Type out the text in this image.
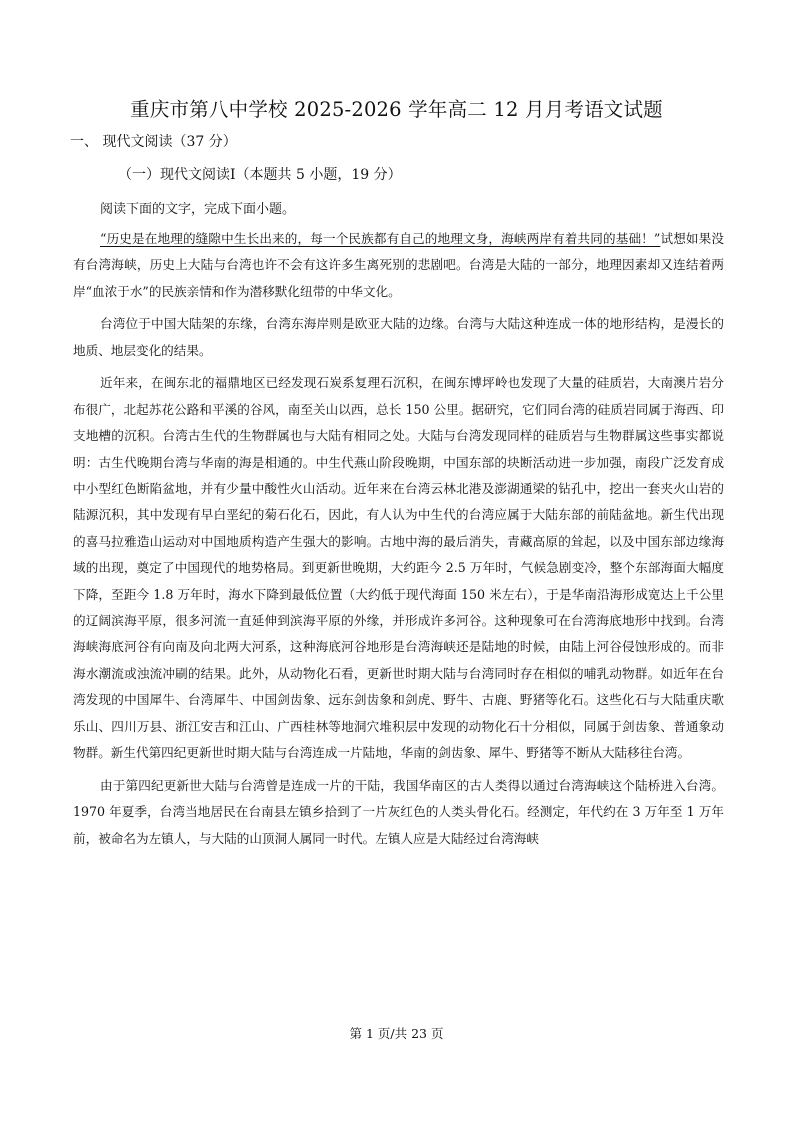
重庆市第八中学校 2025-2026 学年高二 12 月月考语文试题
一、 现代文阅读（37 分）
（一）现代文阅读Ⅰ（本题共 5 小题，19 分）
阅读下面的文字，完成下面小题。

“历史是在地理的缝隙中生长出来的，每一个民族都有自己的地理文身，海峡两岸有着共同的基础！”试想如果没有台湾海峡，历史上大陆与台湾也许不会有这许多生离死别的悲剧吧。台湾是大陆的一部分，地理因素却又连结着两岸“血浓于水”的民族亲情和作为潜移默化纽带的中华文化。

台湾位于中国大陆架的东缘，台湾东海岸则是欧亚大陆的边缘。台湾与大陆这种连成一体的地形结构，是漫长的地质、地层变化的结果。

近年来，在闽东北的福鼎地区已经发现石炭系复理石沉积，在闽东博坪岭也发现了大量的硅质岩，大南澳片岩分布很广，北起苏花公路和平溪的谷风，南至关山以西，总长 150 公里。据研究，它们同台湾的硅质岩同属于海西、印支地槽的沉积。台湾古生代的生物群属也与大陆有相同之处。大陆与台湾发现同样的硅质岩与生物群属这些事实都说明：古生代晚期台湾与华南的海是相通的。中生代燕山阶段晚期，中国东部的块断活动进一步加强，南段广泛发育成中小型红色断陷盆地，并有少量中酸性火山活动。近年来在台湾云林北港及澎湖通梁的钻孔中，挖出一套夹火山岩的陆源沉积，其中发现有早白垩纪的菊石化石，因此，有人认为中生代的台湾应属于大陆东部的前陆盆地。新生代出现的喜马拉雅造山运动对中国地质构造产生强大的影响。古地中海的最后消失，青藏高原的耸起，以及中国东部边缘海域的出现，奠定了中国现代的地势格局。到更新世晚期，大约距今 2.5 万年时，气候急剧变冷，整个东部海面大幅度下降，至距今 1.8 万年时，海水下降到最低位置（大约低于现代海面 150 米左右），于是华南沿海形成宽达上千公里的辽阔滨海平原，很多河流一直延伸到滨海平原的外缘，并形成许多河谷。这种现象可在台湾海底地形中找到。台湾海峡海底河谷有向南及向北两大河系，这种海底河谷地形是台湾海峡还是陆地的时候，由陆上河谷侵蚀形成的。而非海水潮流或浊流冲刷的结果。此外，从动物化石看，更新世时期大陆与台湾同时存在相似的哺乳动物群。如近年在台湾发现的中国犀牛、台湾犀牛、中国剑齿象、远东剑齿象和剑虎、野牛、古鹿、野猪等化石。这些化石与大陆重庆歌乐山、四川万县、浙江安吉和江山、广西桂林等地洞穴堆积层中发现的动物化石十分相似，同属于剑齿象、普通象动物群。新生代第四纪更新世时期大陆与台湾连成一片陆地，华南的剑齿象、犀牛、野猪等不断从大陆移往台湾。

由于第四纪更新世大陆与台湾曾是连成一片的干陆，我国华南区的古人类得以通过台湾海峡这个陆桥进入台湾。1970 年夏季，台湾当地居民在台南县左镇乡拾到了一片灰红色的人类头骨化石。经测定，年代约在 3 万年至 1 万年前，被命名为左镇人，与大陆的山顶洞人属同一时代。左镇人应是大陆经过台湾海峡

第 1 页/共 23 页
